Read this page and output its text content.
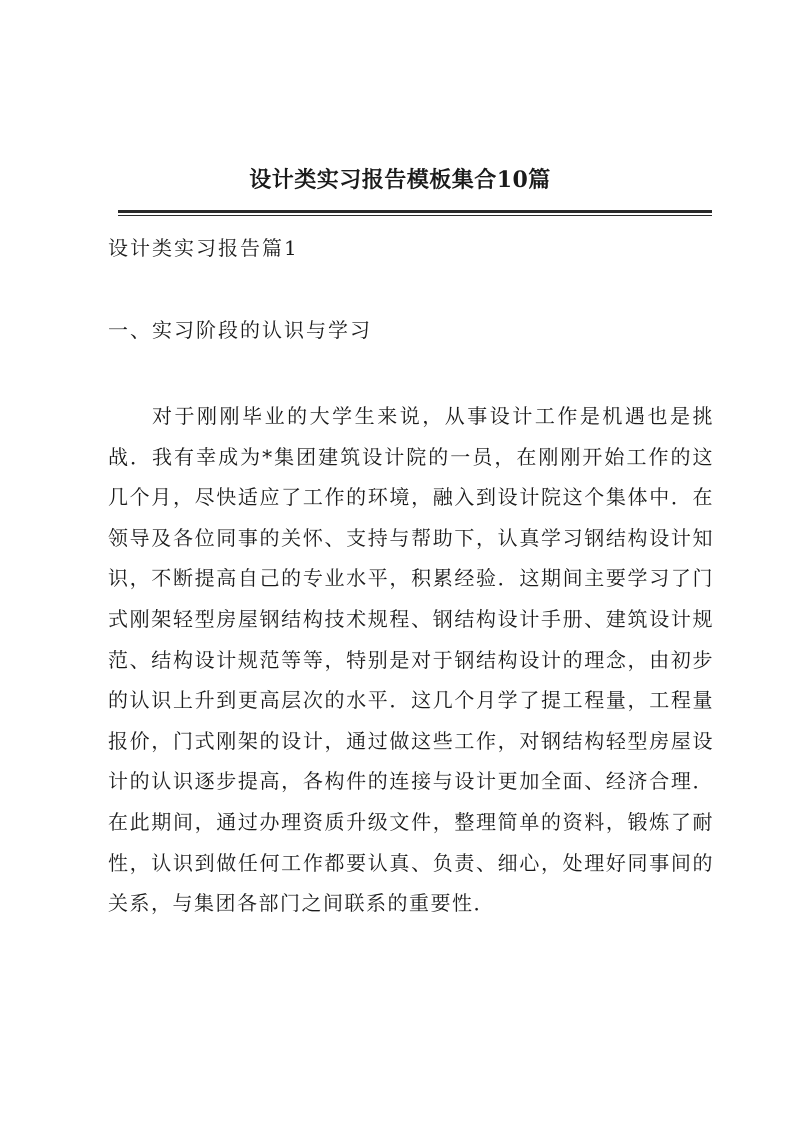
设计类实习报告模板集合10篇
设计类实习报告篇1
一、实习阶段的认识与学习

对于刚刚毕业的大学生来说，从事设计工作是机遇也是挑战．我有幸成为*集团建筑设计院的一员，在刚刚开始工作的这几个月，尽快适应了工作的环境，融入到设计院这个集体中．在领导及各位同事的关怀、支持与帮助下，认真学习钢结构设计知识，不断提高自己的专业水平，积累经验．这期间主要学习了门式刚架轻型房屋钢结构技术规程、钢结构设计手册、建筑设计规范、结构设计规范等等，特别是对于钢结构设计的理念，由初步的认识上升到更高层次的水平．这几个月学了提工程量，工程量报价，门式刚架的设计，通过做这些工作，对钢结构轻型房屋设计的认识逐步提高，各构件的连接与设计更加全面、经济合理．在此期间，通过办理资质升级文件，整理简单的资料，锻炼了耐性，认识到做任何工作都要认真、负责、细心，处理好同事间的关系，与集团各部门之间联系的重要性．
